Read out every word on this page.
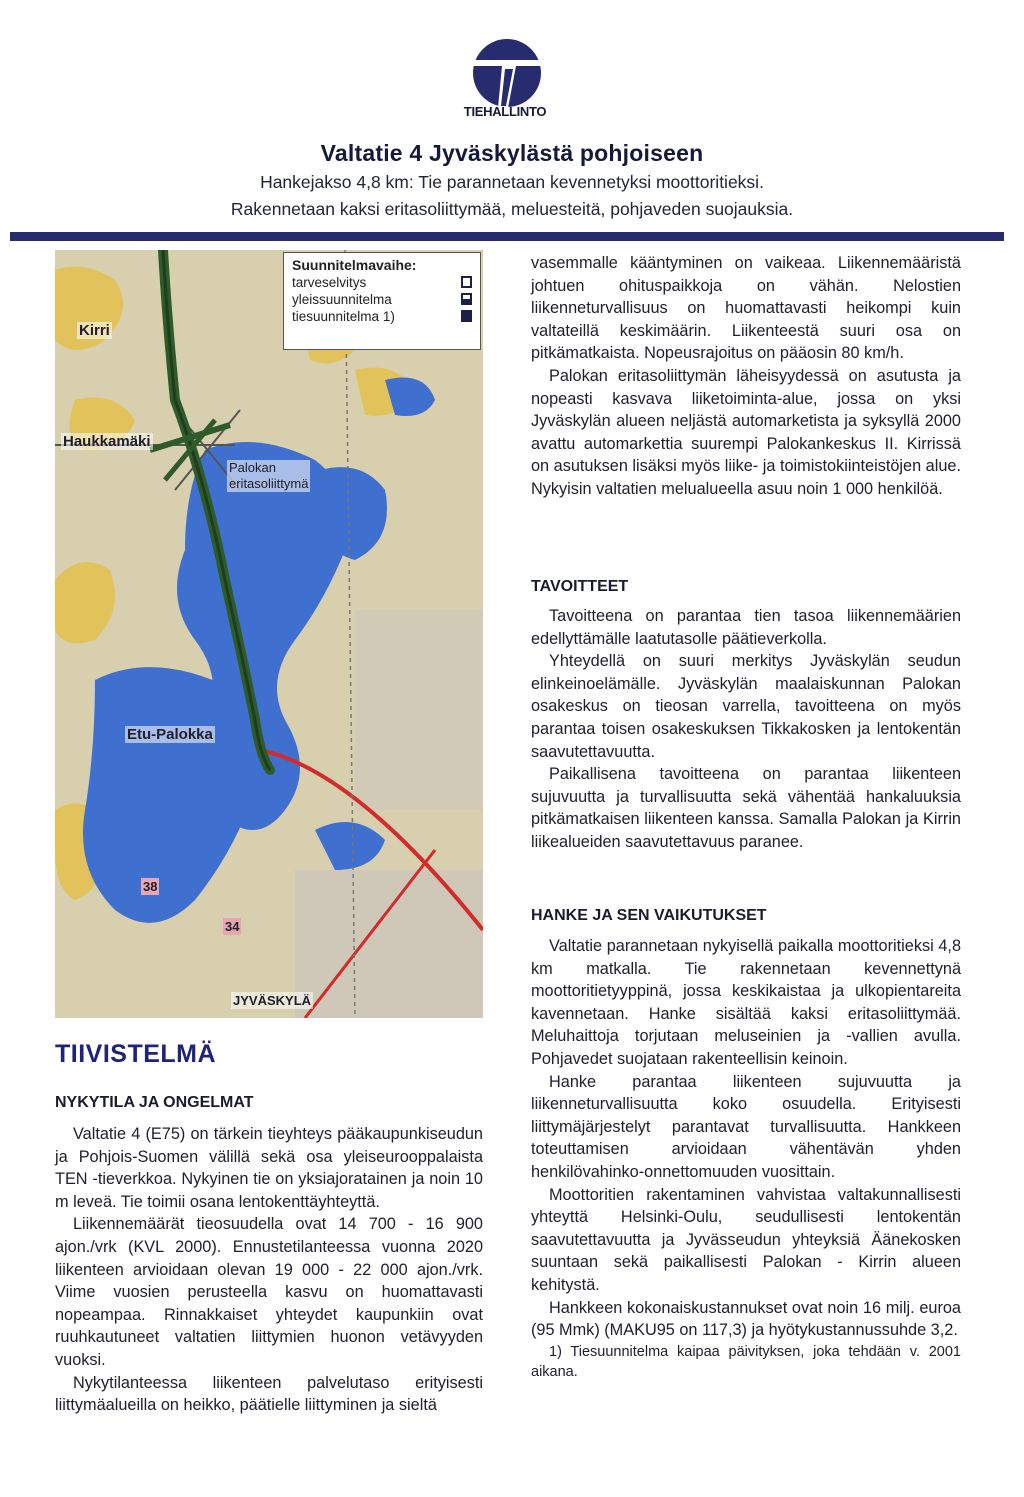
TIEHALLINTO
Valtatie 4 Jyväskylästä pohjoiseen
Hankejakso 4,8 km: Tie parannetaan kevennetyksi moottoritieksi.
Rakennetaan kaksi eritasoliittymää, meluesteitä, pohjaveden suojauksia.
Kirri
Haukkamäki
Palokan
eritasoliittymä
Etu-Palokka
JYVÄSKYLÄ
34
38
Suunnitelmavaihe:
tarveselvitys
yleissuunnitelma
tiesuunnitelma 1)
TIIVISTELMÄ
NYKYTILA JA ONGELMAT

Valtatie 4 (E75) on tärkein tieyhteys pääkaupunkiseudun ja Pohjois-Suomen välillä sekä osa yleiseurooppalaista TEN -tieverkkoa. Nykyinen tie on yksiajoratainen ja noin 10 m leveä. Tie toimii osana lentokenttäyhteyttä.

Liikennemäärät tieosuudella ovat 14 700 - 16 900 ajon./vrk (KVL 2000). Ennustetilanteessa vuonna 2020 liikenteen arvioidaan olevan 19 000 - 22 000 ajon./vrk. Viime vuosien perusteella kasvu on huomattavasti nopeampaa. Rinnakkaiset yhteydet kaupunkiin ovat ruuhkautuneet valtatien liittymien huonon vetävyyden vuoksi.

Nykytilanteessa liikenteen palvelutaso erityisesti liittymäalueilla on heikko, päätielle liittyminen ja sieltä

vasemmalle kääntyminen on vaikeaa. Liikennemääristä johtuen ohituspaikkoja on vähän. Nelostien liikenneturvallisuus on huomattavasti heikompi kuin valtateillä keskimäärin. Liikenteestä suuri osa on pitkämatkaista. Nopeusrajoitus on pääosin 80 km/h.

Palokan eritasoliittymän läheisyydessä on asutusta ja nopeasti kasvava liiketoiminta-alue, jossa on yksi Jyväskylän alueen neljästä automarketista ja syksyllä 2000 avattu automarkettia suurempi Palokankeskus II. Kirrissä on asutuksen lisäksi myös liike- ja toimistokiinteistöjen alue. Nykyisin valtatien melualueella asuu noin 1 000 henkilöä.

TAVOITTEET

Tavoitteena on parantaa tien tasoa liikennemäärien edellyttämälle laatutasolle päätieverkolla.

Yhteydellä on suuri merkitys Jyväskylän seudun elinkeinoelämälle. Jyväskylän maalaiskunnan Palokan osakeskus on tieosan varrella, tavoitteena on myös parantaa toisen osakeskuksen Tikkakosken ja lentokentän saavutettavuutta.

Paikallisena tavoitteena on parantaa liikenteen sujuvuutta ja turvallisuutta sekä vähentää hankaluuksia pitkämatkaisen liikenteen kanssa. Samalla Palokan ja Kirrin liikealueiden saavutettavuus paranee.

HANKE JA SEN VAIKUTUKSET

Valtatie parannetaan nykyisellä paikalla moottoritieksi 4,8 km matkalla. Tie rakennetaan kevennettynä moottoritietyyppinä, jossa keskikaistaa ja ulkopientareita kavennetaan. Hanke sisältää kaksi eritasoliittymää. Meluhaittoja torjutaan meluseinien ja -vallien avulla. Pohjavedet suojataan rakenteellisin keinoin.

Hanke parantaa liikenteen sujuvuutta ja liikenneturvallisuutta koko osuudella. Erityisesti liittymäjärjestelyt parantavat turvallisuutta. Hankkeen toteuttamisen arvioidaan vähentävän yhden henkilövahinko-onnettomuuden vuosittain.

Moottoritien rakentaminen vahvistaa valtakunnallisesti yhteyttä Helsinki-Oulu, seudullisesti lentokentän saavutettavuutta ja Jyvässeudun yhteyksiä Äänekosken suuntaan sekä paikallisesti Palokan - Kirrin alueen kehitystä.

Hankkeen kokonaiskustannukset ovat noin 16 milj. euroa (95 Mmk) (MAKU95 on 117,3) ja hyötykustannussuhde 3,2.

1) Tiesuunnitelma kaipaa päivityksen, joka tehdään v. 2001 aikana.
